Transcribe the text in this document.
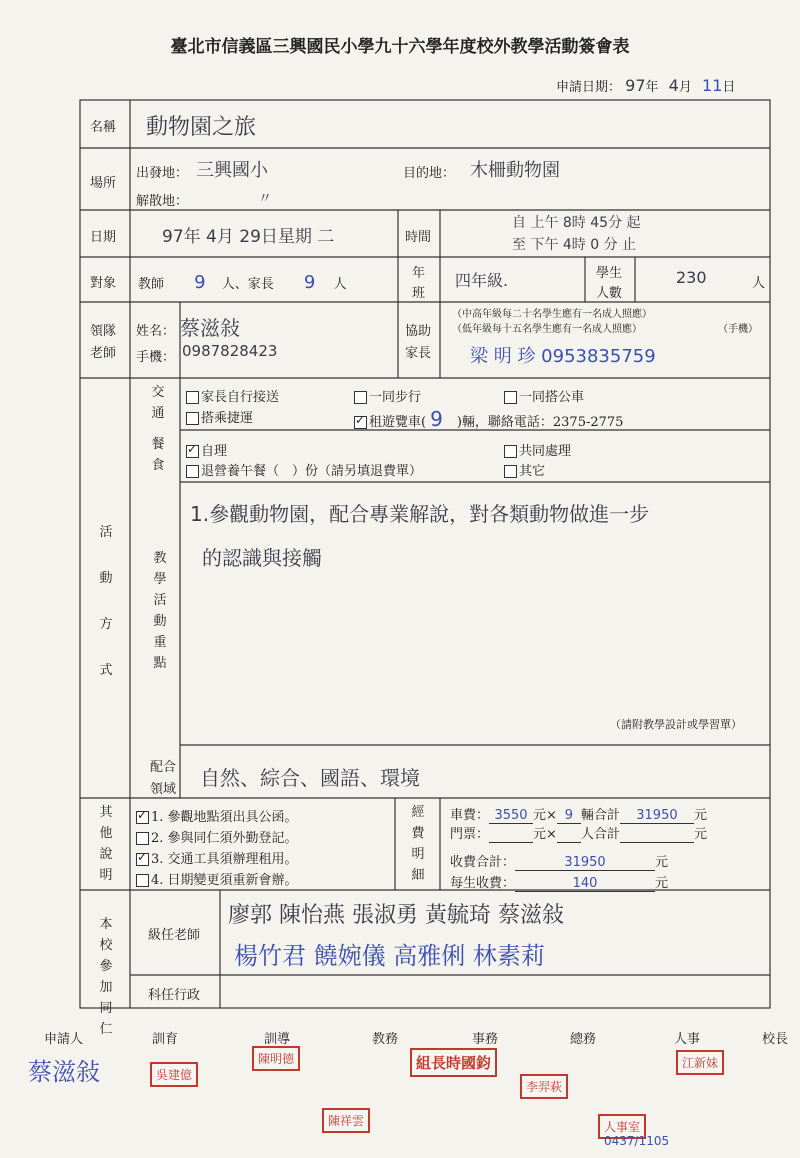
臺北市信義區三興國民小學九十六學年度校外教學活動簽會表
申請日期： 97年 4月 11日
名稱 動物園之旅
場所
出發地： 三興國小	目的地： 木柵動物園
解散地：	〃
日期	97年 4月 29日星期 二	時間
自 上午 8時 45分 起
至 下午 4時 0 分 止
對象 教師 9 人、家長 9 人
年
班
四年級.	學生
人數
230	人
領隊
老師
姓名： 蔡滋敍
手機： 0987828423
協助
家長
（中高年級每二十名學生應有一名成人照應）
（低年級每十五名學生應有一名成人照應）	（手機）
梁 明 珍 0953835759
活動方式
交通
家長自行接送	一同步行	一同搭公車
搭乘捷運
✓	租遊覽車( 9 )輛，聯絡電話：2375-2775
餐食
✓自理	共同處理
退營養午餐（　）份（請另填退費單）	其它
教學活動重點
1.參觀動物園，配合專業解說，對各類動物做進一步
的認識與接觸
（請附教學設計或學習單）
配合
領域 自然、綜合、國語、環境
其他說明
✓1. 參觀地點須出具公函。
2. 參與同仁須外勤登記。
✓3. 交通工具須辦理租用。
4. 日期變更須重新會辦。
經費明細
車費： 3550 元× 9 輛合計 31950 元
門票：	元× 人合計	元
收費合計：	31950	元
每生收費：	140	元
本校參加同仁
級任老師
廖郭 陳怡燕 張淑勇 黃毓琦 蔡滋敍
楊竹君 饒婉儀 高雅俐 林素莉
科任行政
申請人	訓育	訓導	教務	事務	總務	人事	校長
蔡滋敍	吳建億
陳明德	組長時國鈞
李羿萩
江新妹
陳祥雲	人事室
0437/1105
